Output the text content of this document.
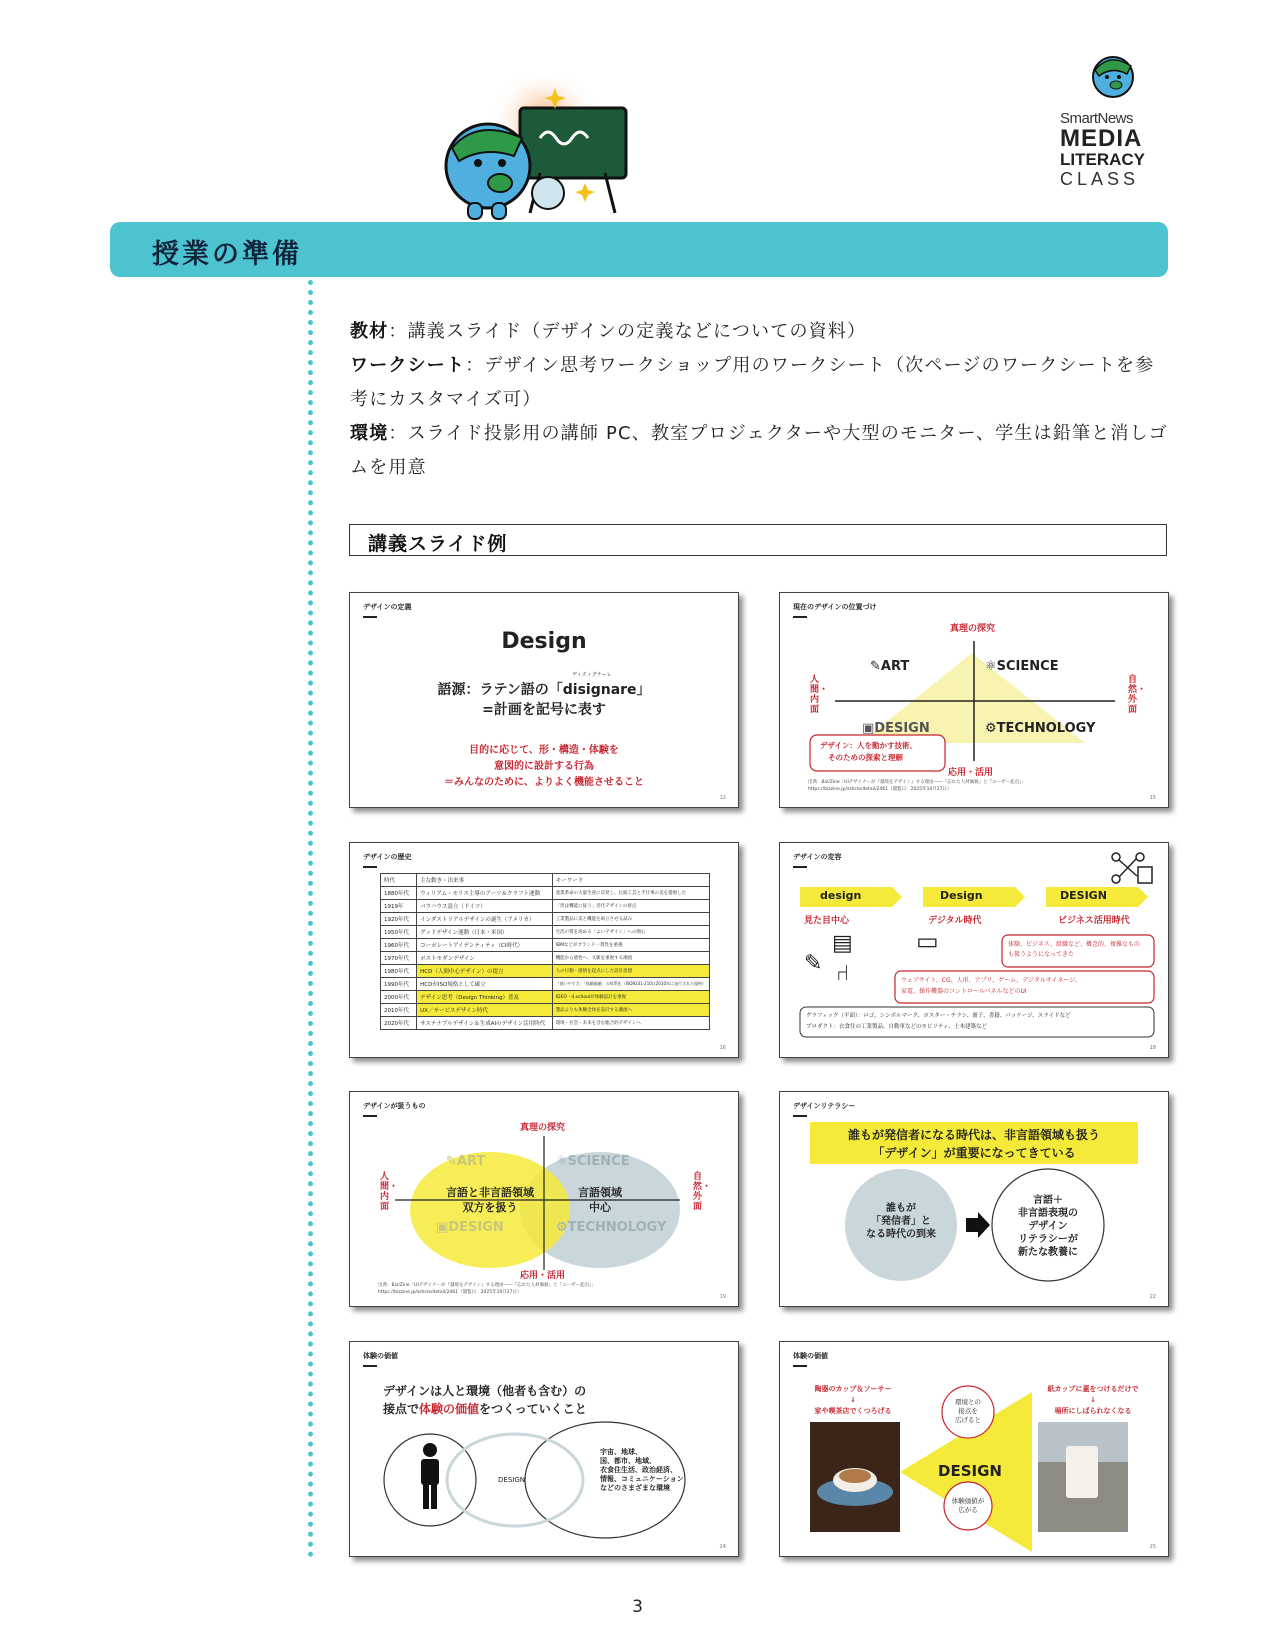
SmartNews
MEDIA
LITERACY
CLASS
授業の準備
教材：講義スライド（デザインの定義などについての資料）
ワークシート：デザイン思考ワークショップ用のワークシート（次ページのワークシートを参考にカスタマイズ可）
環境：スライド投影用の講師 PC、教室プロジェクターや大型のモニター、学生は鉛筆と消しゴムを用意
講義スライド例
デザインの定義
Design
ディズィグナーレ
語源：ラテン語の「disignare」
=計画を記号に表す
目的に応じて、形・構造・体験を
意図的に設計する行為
＝みんなのために、よりよく機能させること
12
現在のデザインの位置づけ
真理の探究
応用・活用
人間・内面
自然・外面
✎ART	⚛SCIENCE
▣DESIGN	⚙TECHNOLOGY
デザイン：人を動かす技術、
そのための探索と理解
出典：Biz/Zine「UIデザイナーが『越境をデザイン』する理由――『忘れた人材価値』と『ユーザー起点』」
https://bizzine.jp/article/detail/2461（閲覧日：2025年10月27日）
15
デザインの歴史
時代	主な動き・出来事	キーワード
1880年代	ウィリアム・モリス主導のアーツ＆クラフト運動	産業革命の大量生産に反発し、伝統工芸と手仕事の美を提唱した
1919年	バウハウス設立（ドイツ）	「形は機能に従う」近代デザインの原点
1920年代	インダストリアルデザインの誕生（アメリカ）	工業製品に美と機能を両立させる試み
1950年代	グッドデザイン運動（日本・米国）	生活の質を高める「よいデザイン」への関心
1960年代	コーポレートアイデンティティ（CI時代）	IBMなどがブランド一貫性を重視
1970年代	ポストモダンデザイン	機能から感性へ、文脈を重視する潮流
1980年代	HCD（人間中心デザイン）の提言	人の行動・感情を起点にした設計思想
1990年代	HCDがISO規格として確立	「使いやすさ」「体験価値」の体系化（ISO9241-210は2010年に発行された規格）
2000年代	デザイン思考（Design Thinking）普及	IDEO・d.schoolが体験設計を重視
2010年代	UX／サービスデザイン時代	製品よりも体験全体を設計する潮流へ
2020年代	サステナブルデザイン＆生成AIのデザイン活用時代	環境・社会・未来を含む総合的デザインへ
16
デザインの変容
design	Design	DESIGN
見た目中心	デジタル時代	ビジネス活用時代
▤
✎ ⑁
▭	体験、ビジネス、組織など、概念的、複雑なもの
も扱うようになってきた
ウェブサイト、CG、人形、アプリ、ゲーム、デジタルサイネージ、
家電、操作機器のコントロールパネルなどのUI
グラフィック（平面）：ロゴ、シンボルマーク、ポスター・チラシ、冊子、書籍、パッケージ、スライドなど
プロダクト：衣食住の工業製品、自動車などのモビリティ、土木建築など
18
デザインが扱うもの
真理の探究
応用・活用
人間・内面
自然・外面
✎ART	⚛SCIENCE
▣DESIGN	⚙TECHNOLOGY
言語と非言語領域
双方を扱う
言語領域
中心
出典：Biz/Zine「UIデザイナーが『越境をデザイン』する理由――『忘れた人材価値』と『ユーザー起点』」
https://bizzine.jp/article/detail/2461（閲覧日：2025年10月27日）
19
デザインリテラシー
誰もが発信者になる時代は、非言語領域も扱う
「デザイン」が重要になってきている
誰もが
「発信者」と
なる時代の到来
言語＋
非言語表現の
デザイン
リテラシーが
新たな教養に
22
体験の価値
デザインは人と環境（他者も含む）の
接点で体験の価値をつくっていくこと
DESIGN
宇宙、地球、
国、都市、地域、
衣食住生活、政治経済、
情報、コミュニケーション
などのさまざまな環境
24
体験の価値
陶器のカップ＆ソーサー
↓
家や喫茶店でくつろげる
紙カップに蓋をつけるだけで
↓
場所にしばられなくなる
環境との
接点を
広げると
体験価値が
広がる
DESIGN
25
3
